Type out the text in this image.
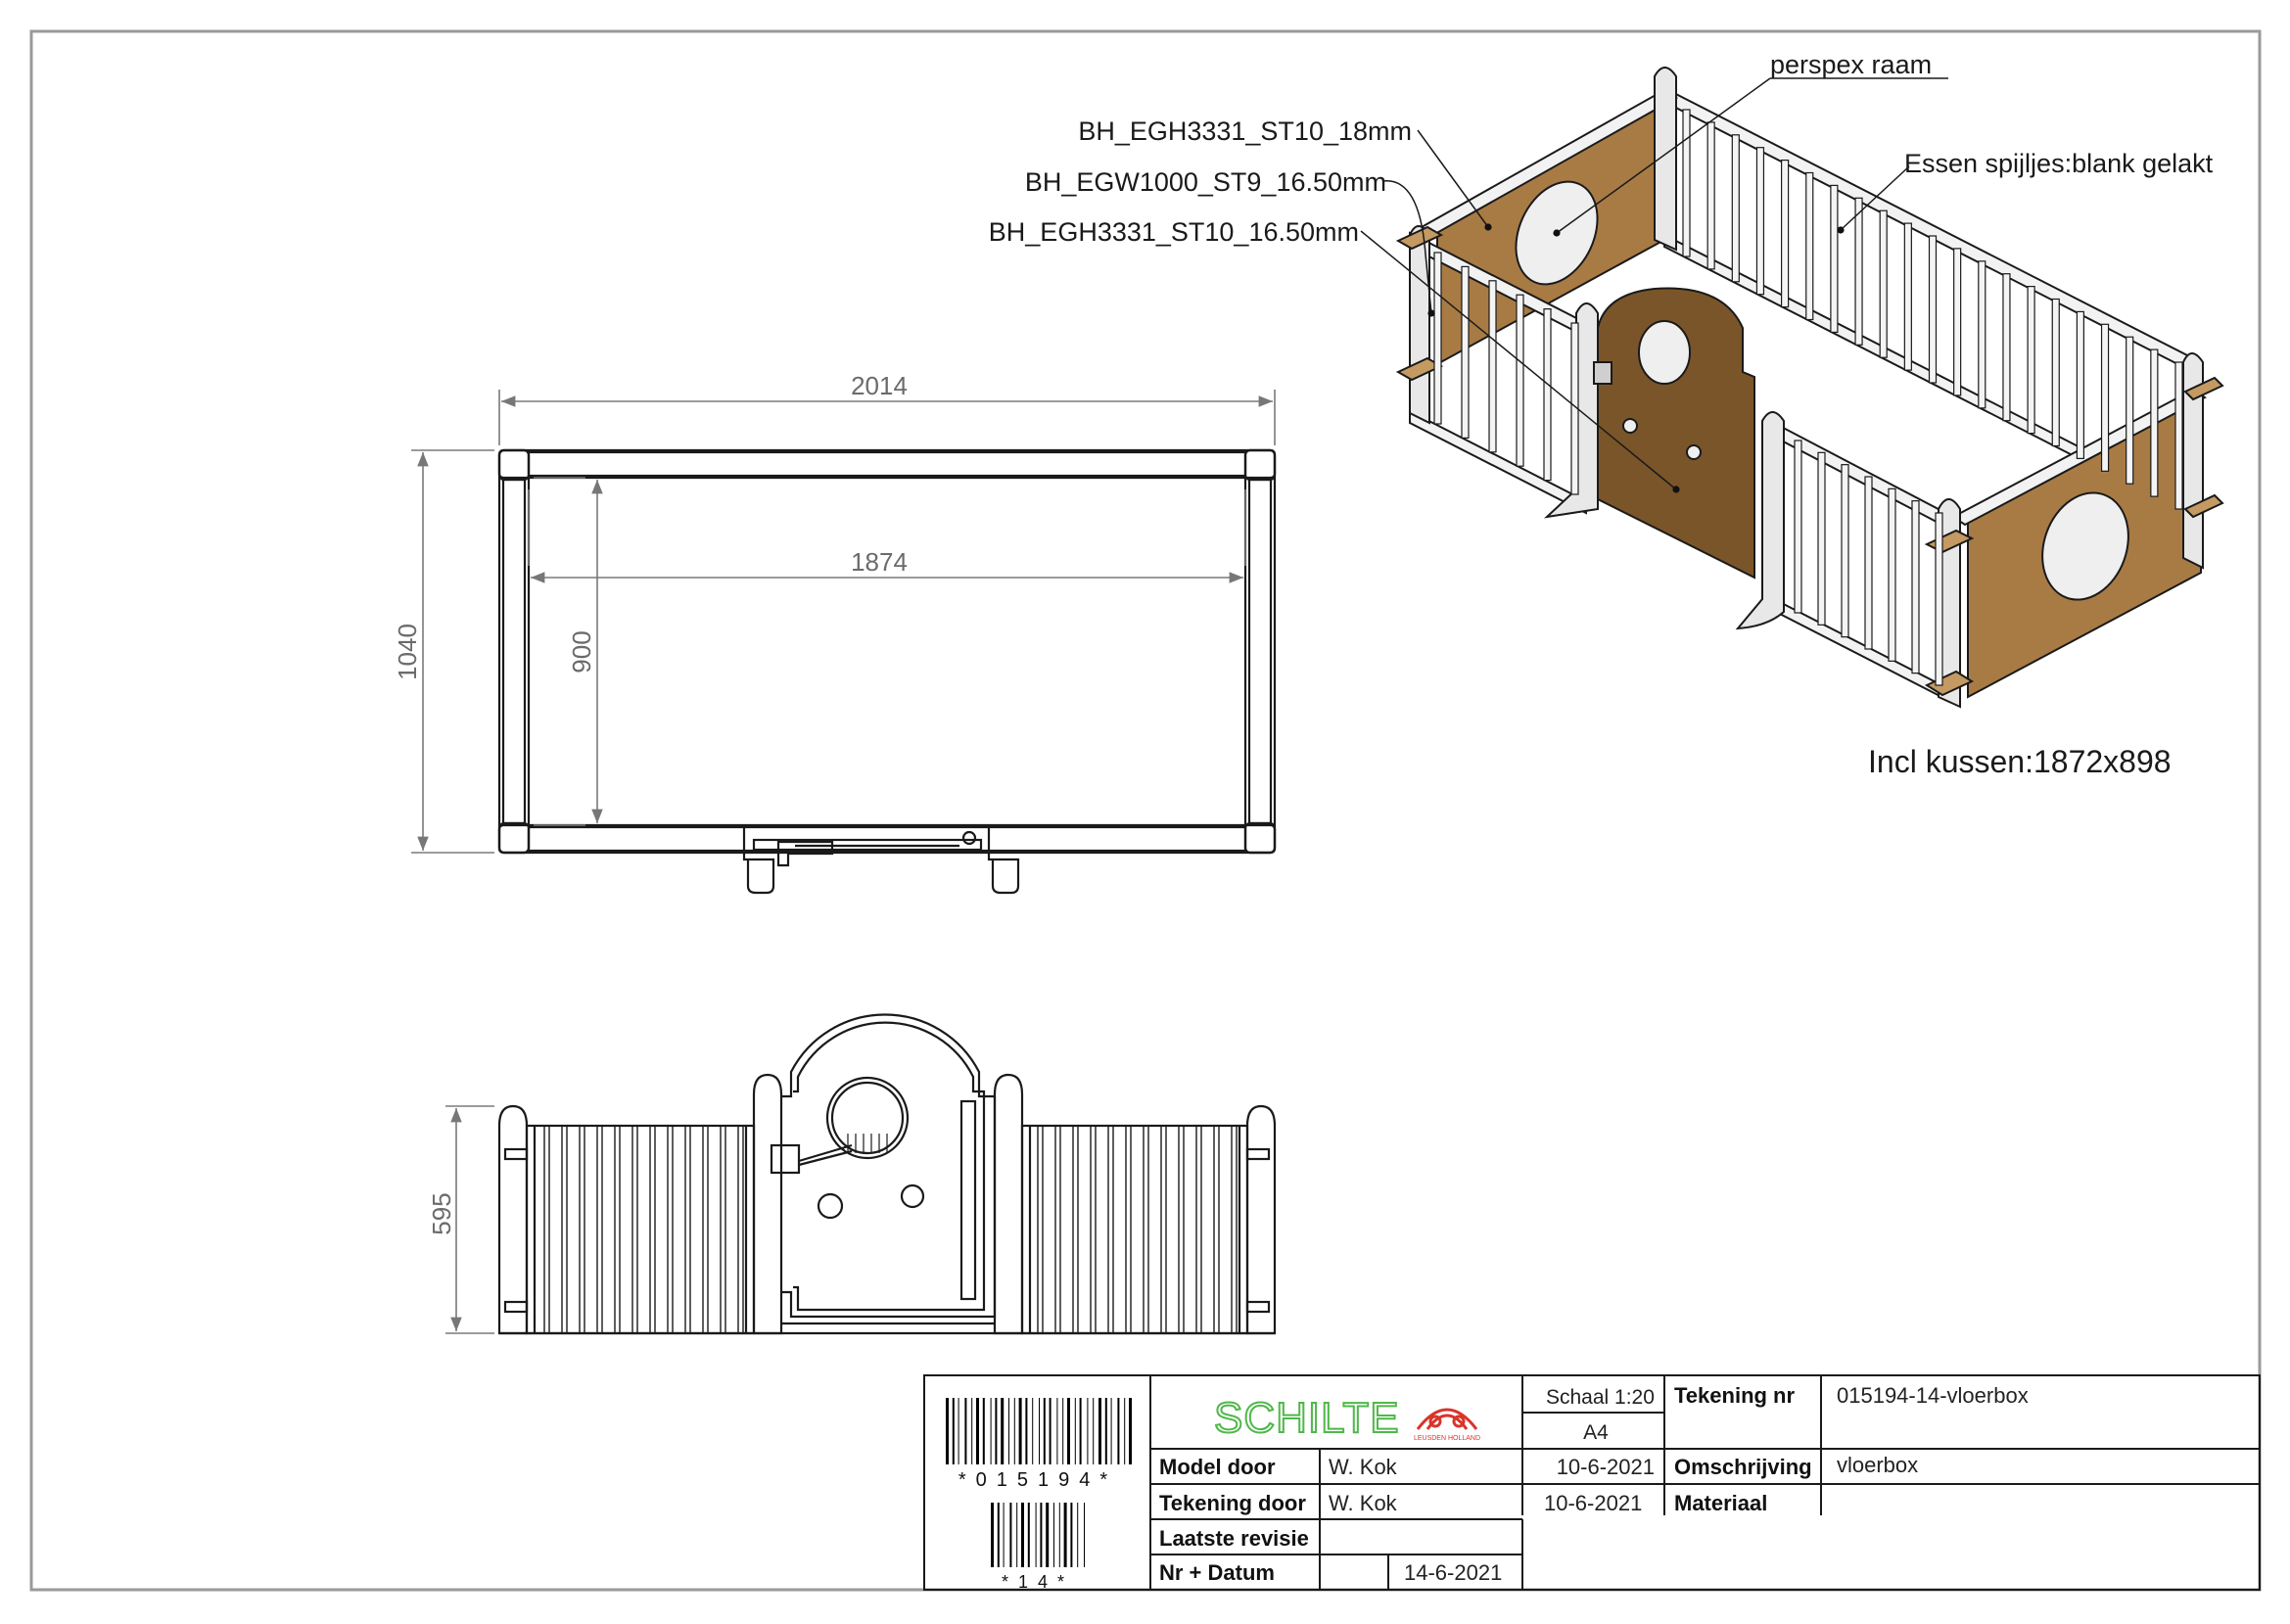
2014
1874
1040	900
595
perspex raam
Essen spijljes:blank gelakt
BH_EGH3331_ST10_18mm
BH_EGW1000_ST9_16.50mm
BH_EGH3331_ST10_16.50mm
Incl kussen:1872x898
*015194*
*14*
SCHILTE LEUSDEN HOLLAND
Schaal 1:20
A4
Tekening nr 015194-14-vloerbox
Model door W. Kok	10-6-2021 Omschrijving vloerbox
Tekening door W. Kok	10-6-2021 Materiaal
Laatste revisie
Nr + Datum	14-6-2021
